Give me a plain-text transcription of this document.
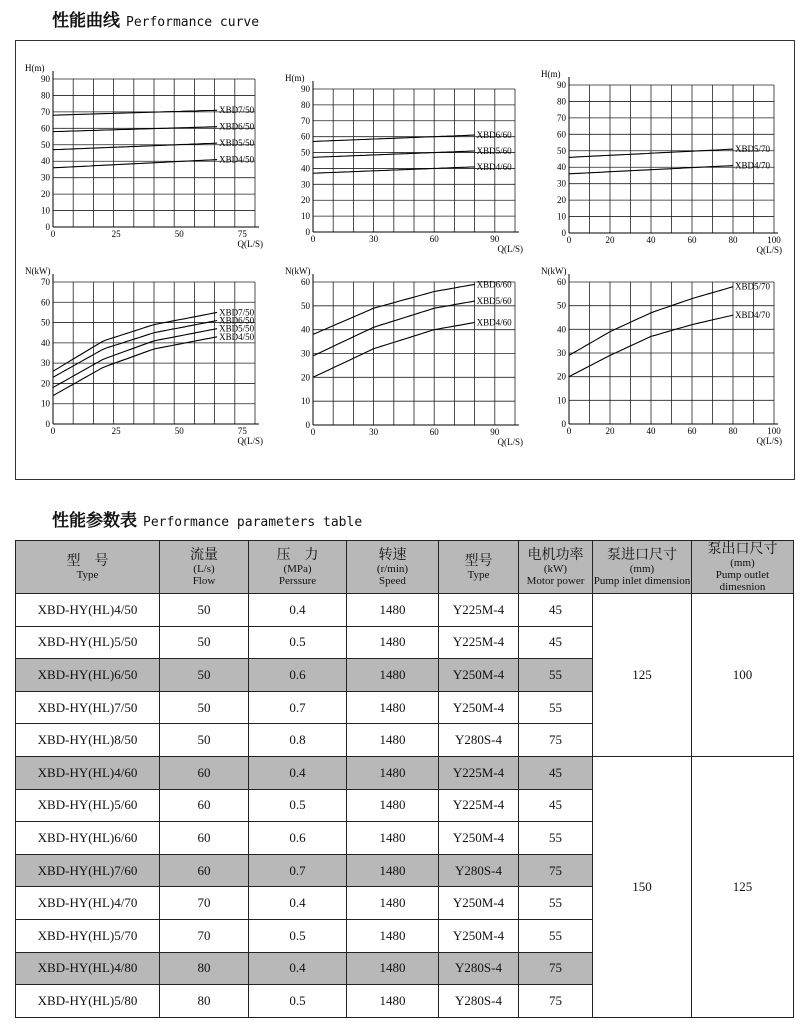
性能曲线 Performance curve
0
10
20
30
40
50
60
70
80
90
0	25	50	75
H(m)
Q(L/S)
XBD7/50
XBD6/50
XBD5/50
XBD4/50
0
10
20
30
40
50
60
70
80
90
0	30	60	90
H(m)
Q(L/S)
XBD6/60
XBD5/60
XBD4/60
0
10
20
30
40
50
60
70
80
90
0	20	40	60	80	100
H(m)
Q(L/S)
XBD5/70
XBD4/70
0
10
20
30
40
50
60
70
0	25	50	75
N(kW)
Q(L/S)
XBD7/50
XBD6/50
XBD5/50
XBD4/50
0
10
20
30
40
50
60
0	30	60	90
N(kW)
Q(L/S)
XBD6/60
XBD5/60
XBD4/60
0
10
20
30
40
50
60
0	20	40	60	80	100
N(kW)
Q(L/S)
XBD5/70
XBD4/70
性能参数表 Performance parameters table
型　号
Type	流量
(L/s)
Flow	压　力
(MPa)
Perssure	转速
(r/min)
Speed	型号
Type	电机功率
(kW)
Motor power	泵进口尺寸
(mm)
Pump inlet dimension	泵出口尺寸
(mm)
Pump outlet dimesnion

XBD-HY(HL)4/50	50	0.4	1480	Y225M-4	45	125	100
XBD-HY(HL)5/50	50	0.5	1480	Y225M-4	45		
XBD-HY(HL)6/50	50	0.6	1480	Y250M-4	55		
XBD-HY(HL)7/50	50	0.7	1480	Y250M-4	55		
XBD-HY(HL)8/50	50	0.8	1480	Y280S-4	75		
XBD-HY(HL)4/60	60	0.4	1480	Y225M-4	45	150	125
XBD-HY(HL)5/60	60	0.5	1480	Y225M-4	45		
XBD-HY(HL)6/60	60	0.6	1480	Y250M-4	55		
XBD-HY(HL)7/60	60	0.7	1480	Y280S-4	75		
XBD-HY(HL)4/70	70	0.4	1480	Y250M-4	55		
XBD-HY(HL)5/70	70	0.5	1480	Y250M-4	55		
XBD-HY(HL)4/80	80	0.4	1480	Y280S-4	75		
XBD-HY(HL)5/80	80	0.5	1480	Y280S-4	75		
